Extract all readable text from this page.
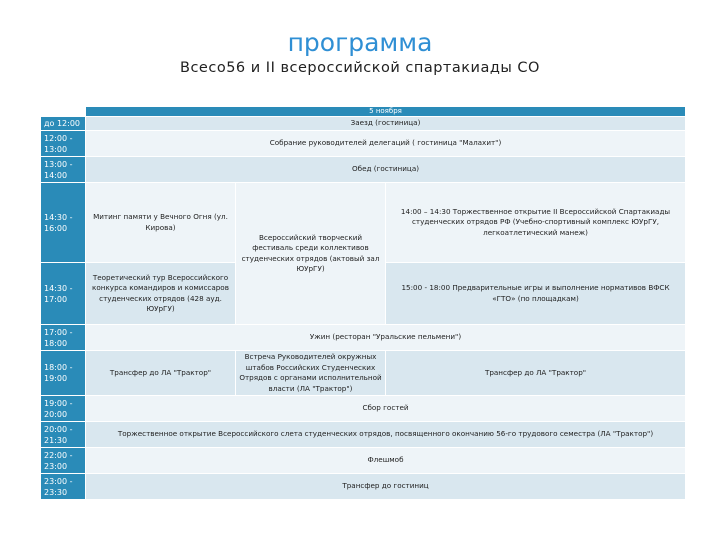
программа
Всесо56 и II всероссийской спартакиады СО
	5 ноября		
до 12:00	Заезд (гостиница)		
12:00 - 13:00	Собрание руководителей делегаций ( гостиница "Малахит")		
13:00 - 14:00	Обед (гостиница)		
14:30 - 16:00	Митинг памяти у Вечного Огня (ул. Кирова)	Всероссийский творческий фестиваль среди коллективов студенческих отрядов (актовый зал ЮУрГУ)	14:00 – 14:30 Торжественное открытие II Всероссийской Спартакиады студенческих отрядов РФ (Учебно-спортивный комплекс ЮУрГУ, легкоатлетический манеж)
14:30 - 17:00	Теоретический тур Всероссийского конкурса командиров и комиссаров студенческих отрядов (428 ауд. ЮУрГУ)		15:00 - 18:00 Предварительные игры и выполнение нормативов ВФСК «ГТО» (по площадкам)
17:00 - 18:00	Ужин (ресторан "Уральские пельмени")		
18:00 - 19:00	Трансфер до ЛА "Трактор"	Встреча Руководителей окружных штабов Российских Студенческих Отрядов с органами исполнительной власти (ЛА "Трактор")	Трансфер до ЛА "Трактор"
19:00 - 20:00	Сбор гостей		
20:00 - 21:30	Торжественное открытие Всероссийского слета студенческих отрядов, посвященного окончанию 56-го трудового семестра (ЛА "Трактор")		
22:00 - 23:00	Флешмоб		
23:00 - 23:30	Трансфер до гостиниц		
